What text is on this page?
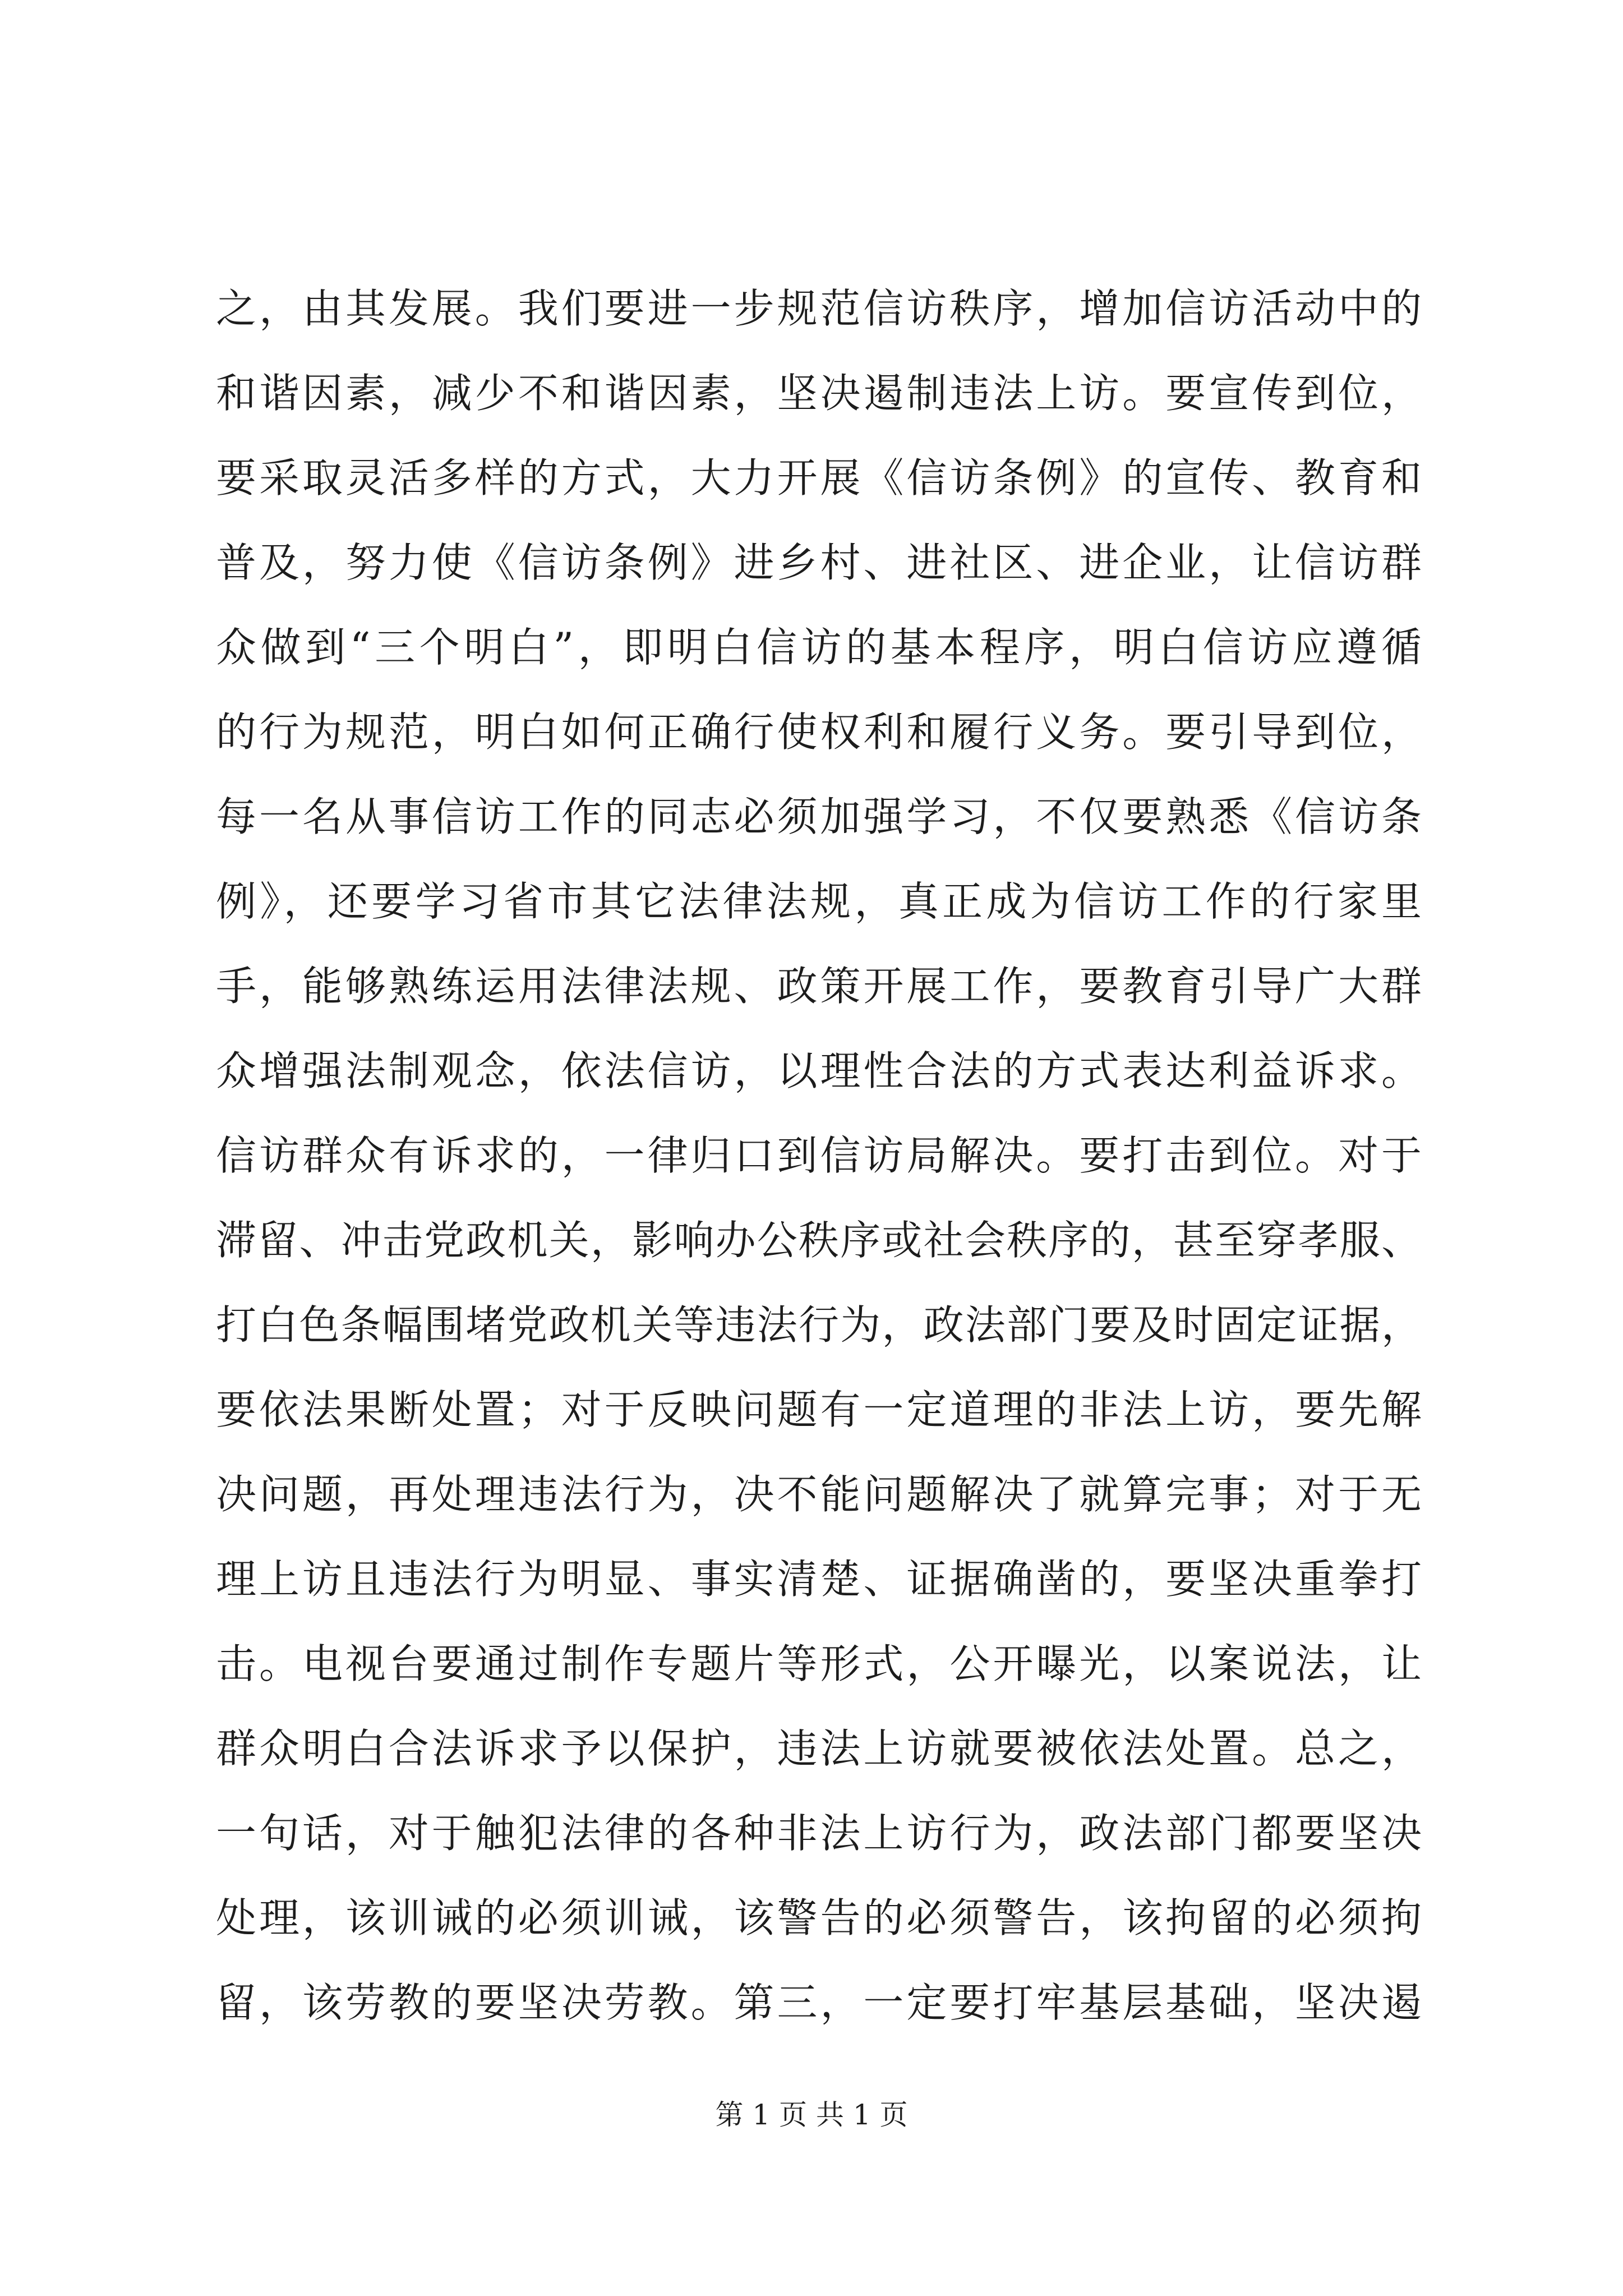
之，由其发展。我们要进一步规范信访秩序，增加信访活动中的
和谐因素，减少不和谐因素，坚决遏制违法上访。要宣传到位，
要采取灵活多样的方式，大力开展《信访条例》的宣传、教育和
普及，努力使《信访条例》进乡村、进社区、进企业，让信访群
众做到“三个明白”，即明白信访的基本程序，明白信访应遵循
的行为规范，明白如何正确行使权利和履行义务。要引导到位，
每一名从事信访工作的同志必须加强学习，不仅要熟悉《信访条
例》，还要学习省市其它法律法规，真正成为信访工作的行家里
手，能够熟练运用法律法规、政策开展工作，要教育引导广大群
众增强法制观念，依法信访，以理性合法的方式表达利益诉求。
信访群众有诉求的，一律归口到信访局解决。要打击到位。对于
滞留、冲击党政机关，影响办公秩序或社会秩序的，甚至穿孝服、
打白色条幅围堵党政机关等违法行为，政法部门要及时固定证据，
要依法果断处置；对于反映问题有一定道理的非法上访，要先解
决问题，再处理违法行为，决不能问题解决了就算完事；对于无
理上访且违法行为明显、事实清楚、证据确凿的，要坚决重拳打
击。电视台要通过制作专题片等形式，公开曝光，以案说法，让
群众明白合法诉求予以保护，违法上访就要被依法处置。总之，
一句话，对于触犯法律的各种非法上访行为，政法部门都要坚决
处理，该训诫的必须训诫，该警告的必须警告，该拘留的必须拘
留，该劳教的要坚决劳教。第三，一定要打牢基层基础，坚决遏
第 1 页 共 1 页
